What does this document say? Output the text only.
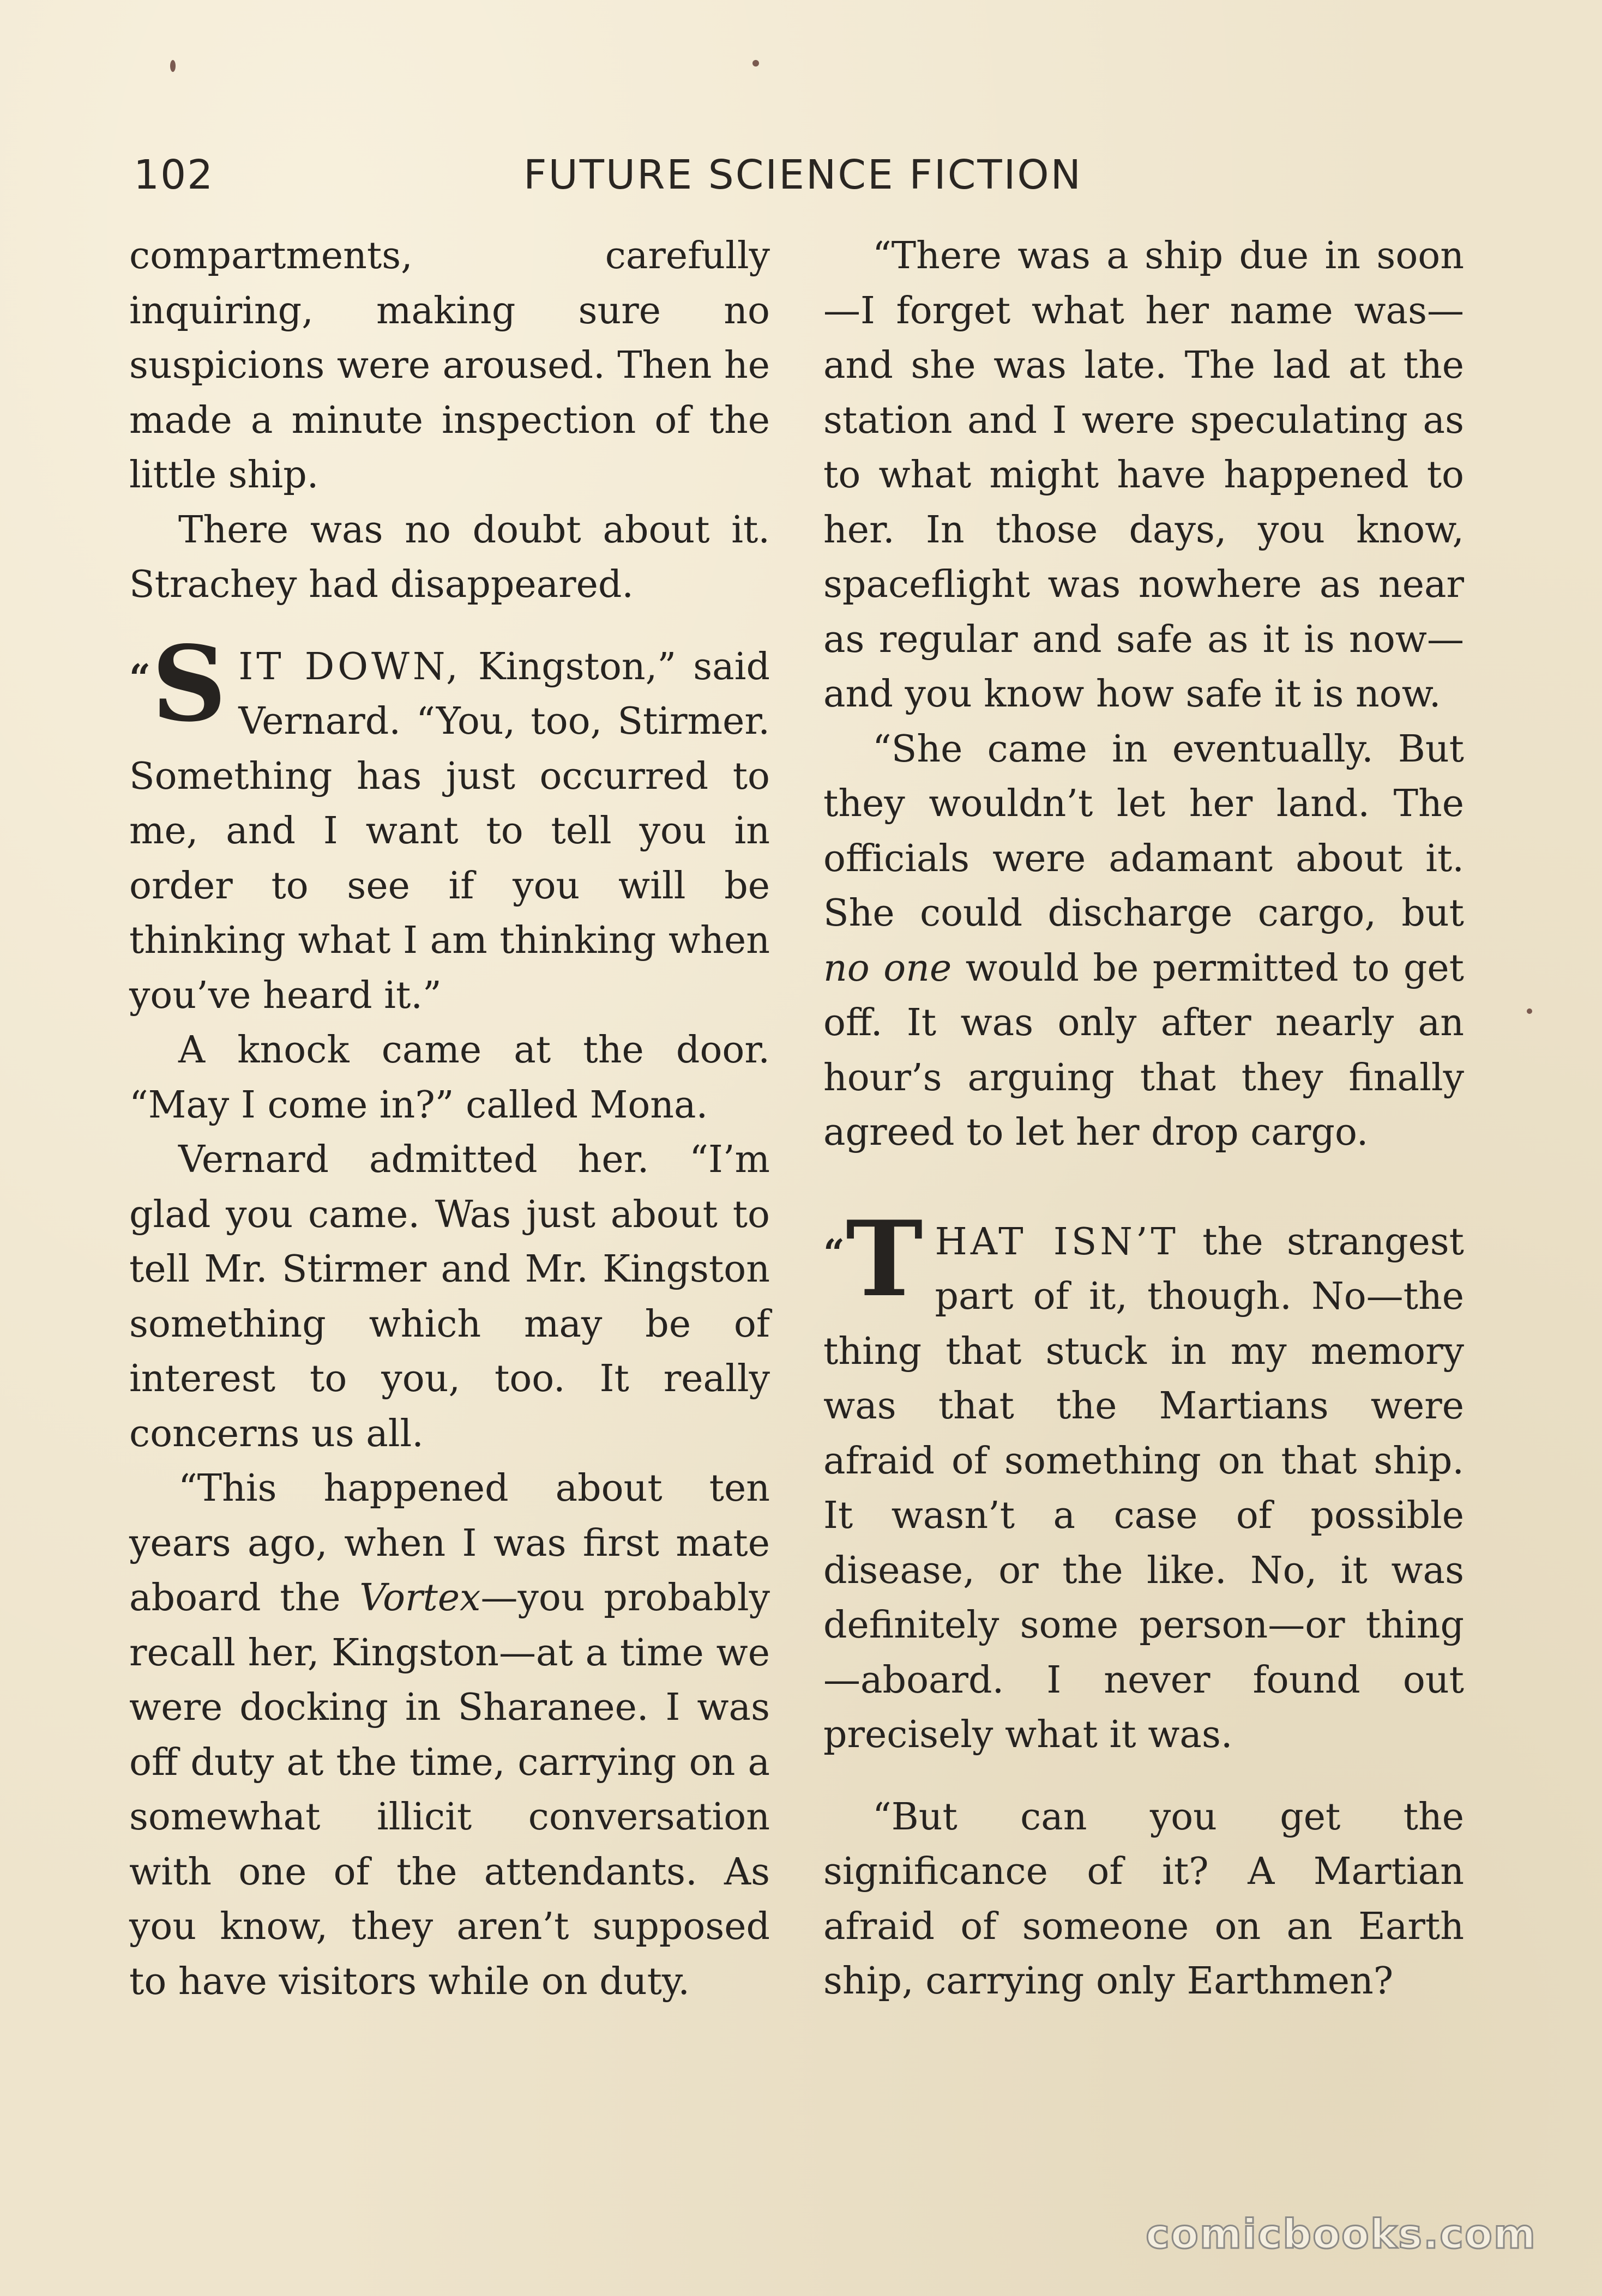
102	FUTURE SCIENCE FICTION

compartments, carefully inquiring, making sure no suspicions were aroused. Then he made a minute inspection of the little ship.

There was no doubt about it. Strachey had disappeared.

“ S IT DOWN, Kingston,” said Vernard. “You, too, Stirmer. Something has just occurred to me, and I want to tell you in order to see if you will be thinking what I am thinking when you’ve heard it.”

A knock came at the door. “May I come in?” called Mona.

Vernard admitted her. “I’m glad you came. Was just about to tell Mr. Stirmer and Mr. Kingston something which may be of interest to you, too. It really concerns us all.

“This happened about ten years ago, when I was first mate aboard the Vortex—you probably recall her, Kingston—at a time we were docking in Sharanee. I was off duty at the time, carrying on a somewhat illicit conversation with one of the attendants. As you know, they aren’t supposed to have visitors while on duty.

“There was a ship due in soon—I forget what her name was—and she was late. The lad at the station and I were speculating as to what might have happened to her. In those days, you know, spaceflight was nowhere as near as regular and safe as it is now—and you know how safe it is now.

“She came in eventually. But they wouldn’t let her land. The officials were adamant about it. She could discharge cargo, but no one would be permitted to get off. It was only after nearly an hour’s arguing that they finally agreed to let her drop cargo.

“ T HAT ISN’T the strangest part of it, though. No—the thing that stuck in my memory was that the Martians were afraid of something on that ship. It wasn’t a case of possible disease, or the like. No, it was definitely some person—or thing—aboard. I never found out precisely what it was.

“But can you get the significance of it? A Martian afraid of someone on an Earth ship, carrying only Earthmen?

comicbooks.com
